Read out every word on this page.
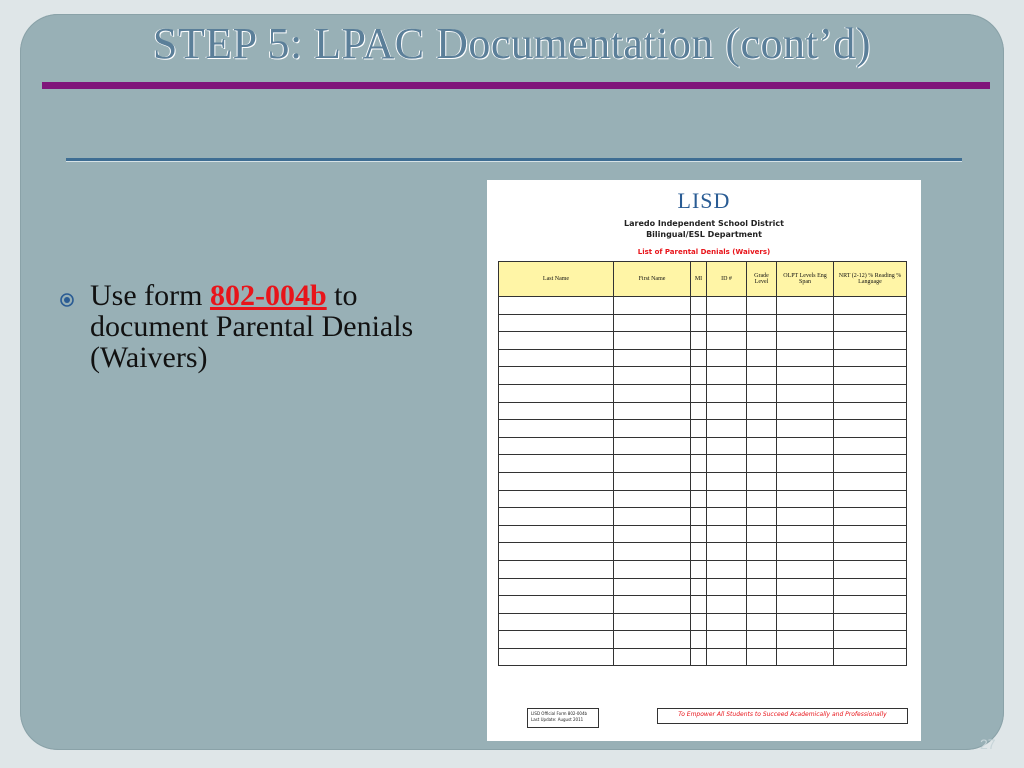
STEP 5: LPAC Documentation (cont’d)
Use form 802-004b to document Parental Denials (Waivers)
LISD
Laredo Independent School District
Bilingual/ESL Department
List of Parental Denials (Waivers)
Last Name	First Name	MI	ID #	Grade Level	OLPT Levels Eng Span	NRT (2-12) % Reading % Language

LISD Official Form 802-004b
Last Update: August 2011
To Empower All Students to Succeed Academically and Professionally
27
